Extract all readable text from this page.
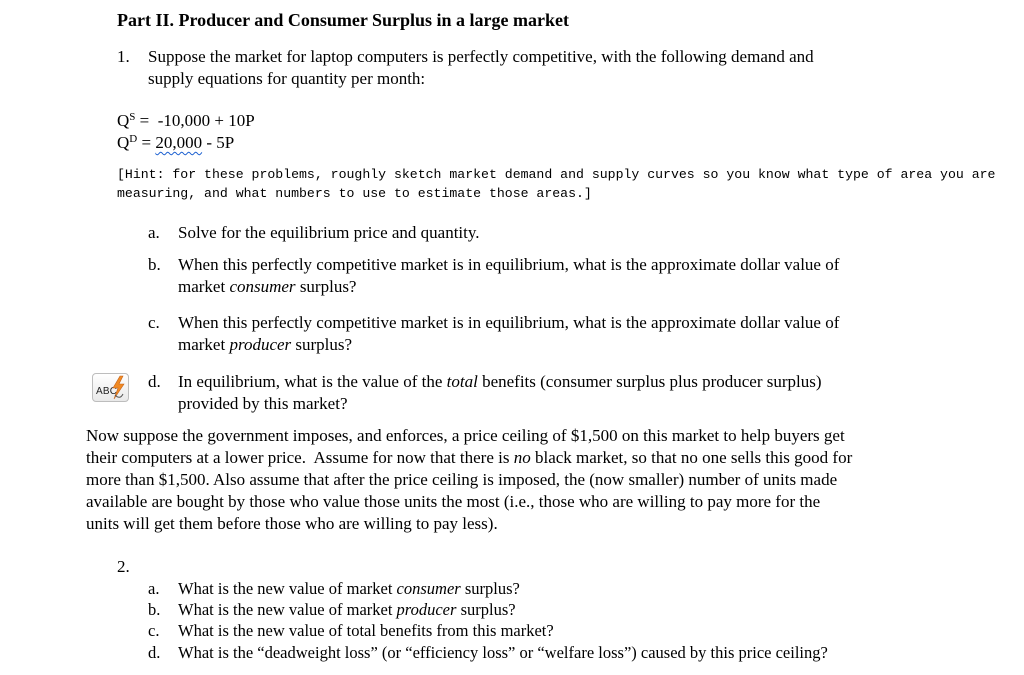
Part II. Producer and Consumer Surplus in a large market
1. Suppose the market for laptop computers is perfectly competitive, with the following demand and
supply equations for quantity per month:
$Q^S = -10,000 + 10P$
$Q^D = 20,000 - 5P$
[Hint: for these problems, roughly sketch market demand and supply curves so you know what type of area you are
measuring, and what numbers to use to estimate those areas.]
a. Solve for the equilibrium price and quantity.
b. When this perfectly competitive market is in equilibrium, what is the approximate dollar value of
market consumer surplus?
c. When this perfectly competitive market is in equilibrium, what is the approximate dollar value of
market producer surplus?
ABC
d. In equilibrium, what is the value of the total benefits (consumer surplus plus producer surplus)
provided by this market?
Now suppose the government imposes, and enforces, a price ceiling of $1,500 on this market to help buyers get
their computers at a lower price.  Assume for now that there is no black market, so that no one sells this good for
more than $1,500. Also assume that after the price ceiling is imposed, the (now smaller) number of units made
available are bought by those who value those units the most (i.e., those who are willing to pay more for the
units will get them before those who are willing to pay less).
2.
a. What is the new value of market consumer surplus?
b. What is the new value of market producer surplus?
c. What is the new value of total benefits from this market?
d. What is the “deadweight loss” (or “efficiency loss” or “welfare loss”) caused by this price ceiling?
